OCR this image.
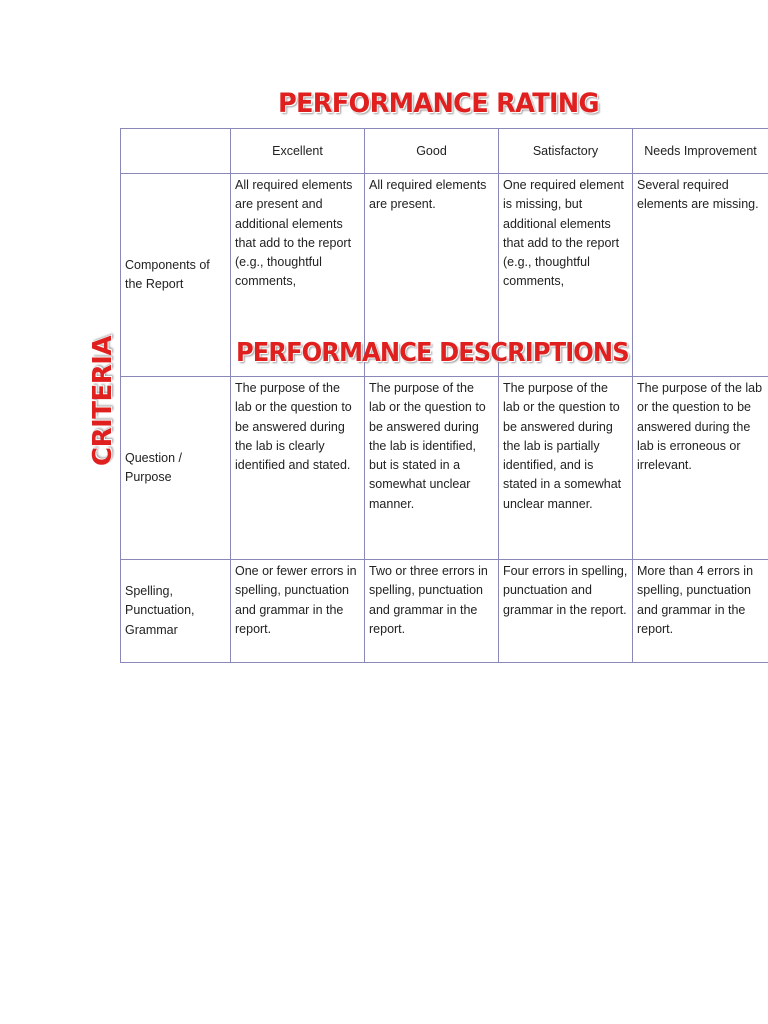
PERFORMANCE RATING
CRITERIA	PERFORMANCE DESCRIPTIONS
	Excellent	Good	Satisfactory	Needs Improvement
Components of the Report	All required elements are present and additional elements that add to the report (e.g., thoughtful comments,	All required elements are present.	One required element is missing, but additional elements that add to the report (e.g., thoughtful comments,	Several required elements are missing.
Question / Purpose	The purpose of the lab or the question to be answered during the lab is clearly identified and stated.	The purpose of the lab or the question to be answered during the lab is identified, but is stated in a somewhat unclear manner.	The purpose of the lab or the question to be answered during the lab is partially identified, and is stated in a somewhat unclear manner.	The purpose of the lab or the question to be answered during the lab is erroneous or irrelevant.
Spelling, Punctuation, Grammar	One or fewer errors in spelling, punctuation and grammar in the report.	Two or three errors in spelling, punctuation and grammar in the report.	Four errors in spelling, punctuation and grammar in the report.	More than 4 errors in spelling, punctuation and grammar in the report.
